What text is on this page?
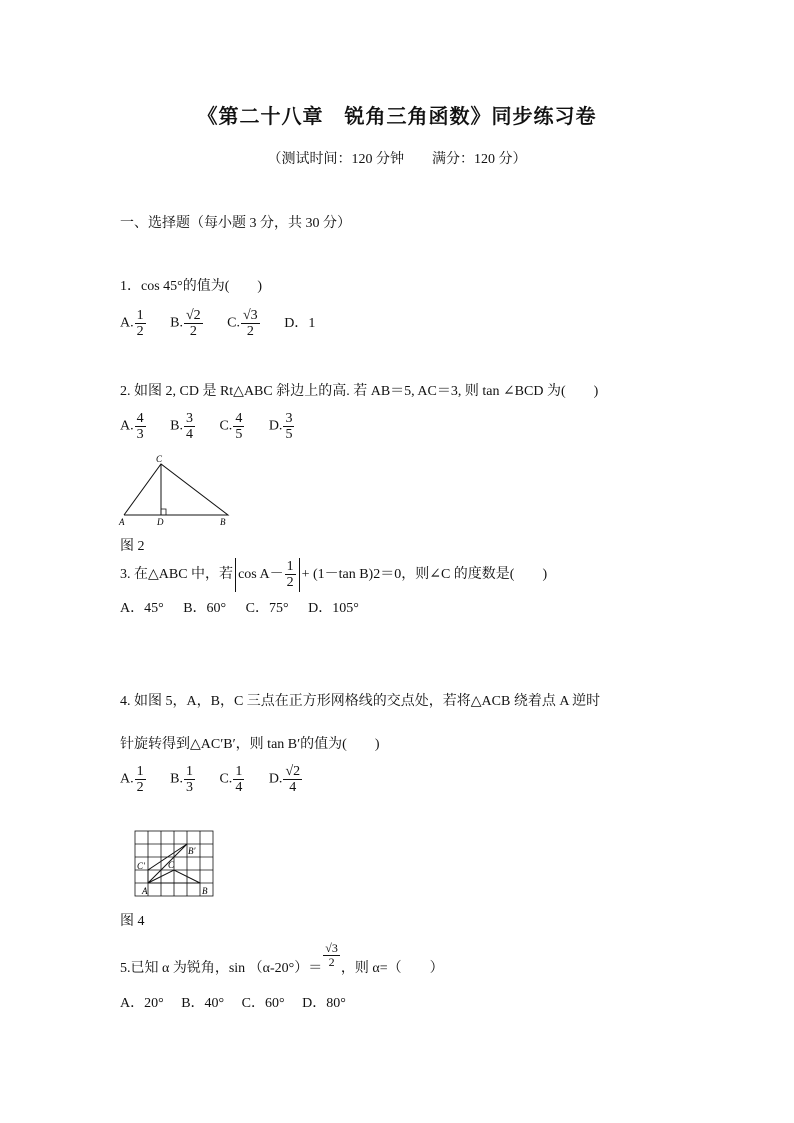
《第二十八章　锐角三角函数》同步练习卷
（测试时间：120 分钟　　满分：120 分）
一、选择题（每小题 3 分，共 30 分）
1．cos 45°的值为(　　)
A. $\frac{1}{2} B$. $\frac{√2}{2} C$. $\frac{√3}{2}$ D．1
2. 如图 2, CD 是 Rt△ABC 斜边上的高. 若 AB＝5, AC＝3, 则 tan ∠BCD 为(　　)
A. $\frac{4}{3} B$. $\frac{3}{4} C$. $\frac{4}{5} D$. $\frac{3}{5}$
C
A	D	B
图 2
3. 在△ABC 中，若 $\cos A- \frac{1}{2} + (1-\tan$ B)2＝0，则∠C 的度数是(　　)
A．45° B．60° C．75° D．105°
4. 如图 5，A，B，C 三点在正方形网格线的交点处，若将△ACB 绕着点 A 逆时
针旋转得到△AC′B′，则 tan B′的值为(　　)
A. $\frac{1}{2} B$. $\frac{1}{3} C$. $\frac{1}{4} D$. $\frac{√2}{4}$
C′
B′
C
A	B
图 4
5.已知 α 为锐角，$\sin (\alpha-20^\circ)= \frac{√3}{2}$ ，则 α=（　　）
A．20° B．40° C．60° D．80°
